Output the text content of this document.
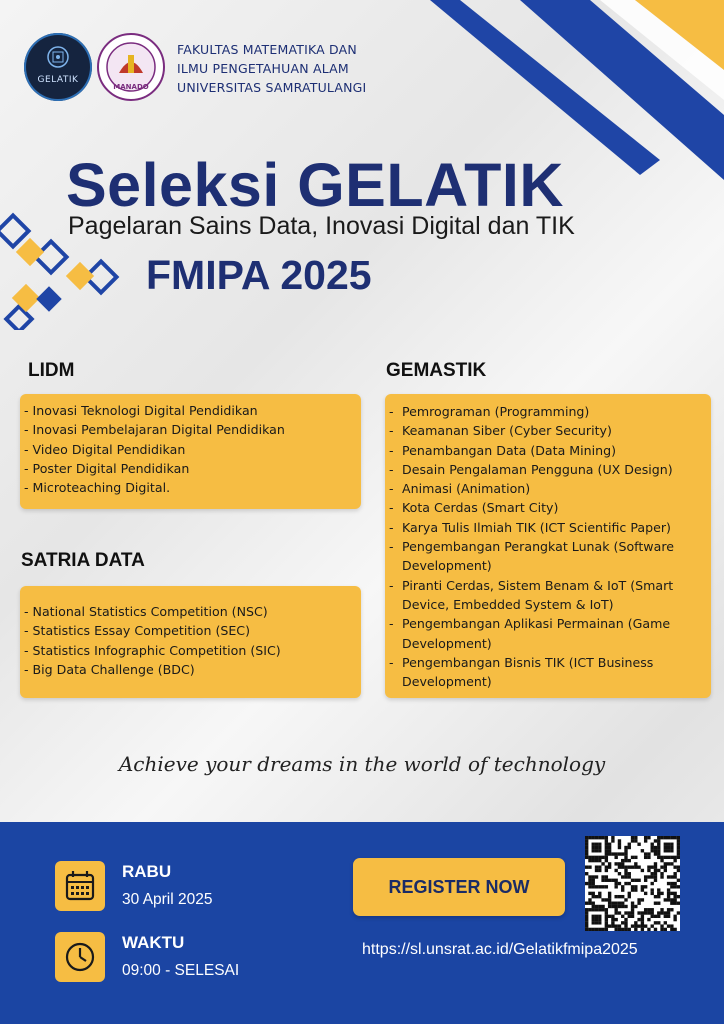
GELATIK
MANADO
FAKULTAS MATEMATIKA DAN
ILMU PENGETAHUAN ALAM
UNIVERSITAS SAMRATULANGI
Seleksi GELATIK
Pagelaran Sains Data, Inovasi Digital dan TIK
FMIPA 2025
LIDM
- Inovasi Teknologi Digital Pendidikan
- Inovasi Pembelajaran Digital Pendidikan
- Video Digital Pendidikan
- Poster Digital Pendidikan
- Microteaching Digital.
SATRIA DATA
- National Statistics Competition (NSC)
- Statistics Essay Competition (SEC)
- Statistics Infographic Competition (SIC)
- Big Data Challenge (BDC)
GEMASTIK
- Pemrograman (Programming)
- Keamanan Siber (Cyber Security)
- Penambangan Data (Data Mining)
- Desain Pengalaman Pengguna (UX Design)
- Animasi (Animation)
- Kota Cerdas (Smart City)
- Karya Tulis Ilmiah TIK (ICT Scientific Paper)
- Pengembangan Perangkat Lunak (Software Development)
- Piranti Cerdas, Sistem Benam & IoT (Smart Device, Embedded System & IoT)
- Pengembangan Aplikasi Permainan (Game Development)
- Pengembangan Bisnis TIK (ICT Business Development)
Achieve your dreams in the world of technology
RABU
30 April 2025
WAKTU
09:00 - SELESAI
REGISTER NOW
https://sl.unsrat.ac.id/Gelatikfmipa2025
